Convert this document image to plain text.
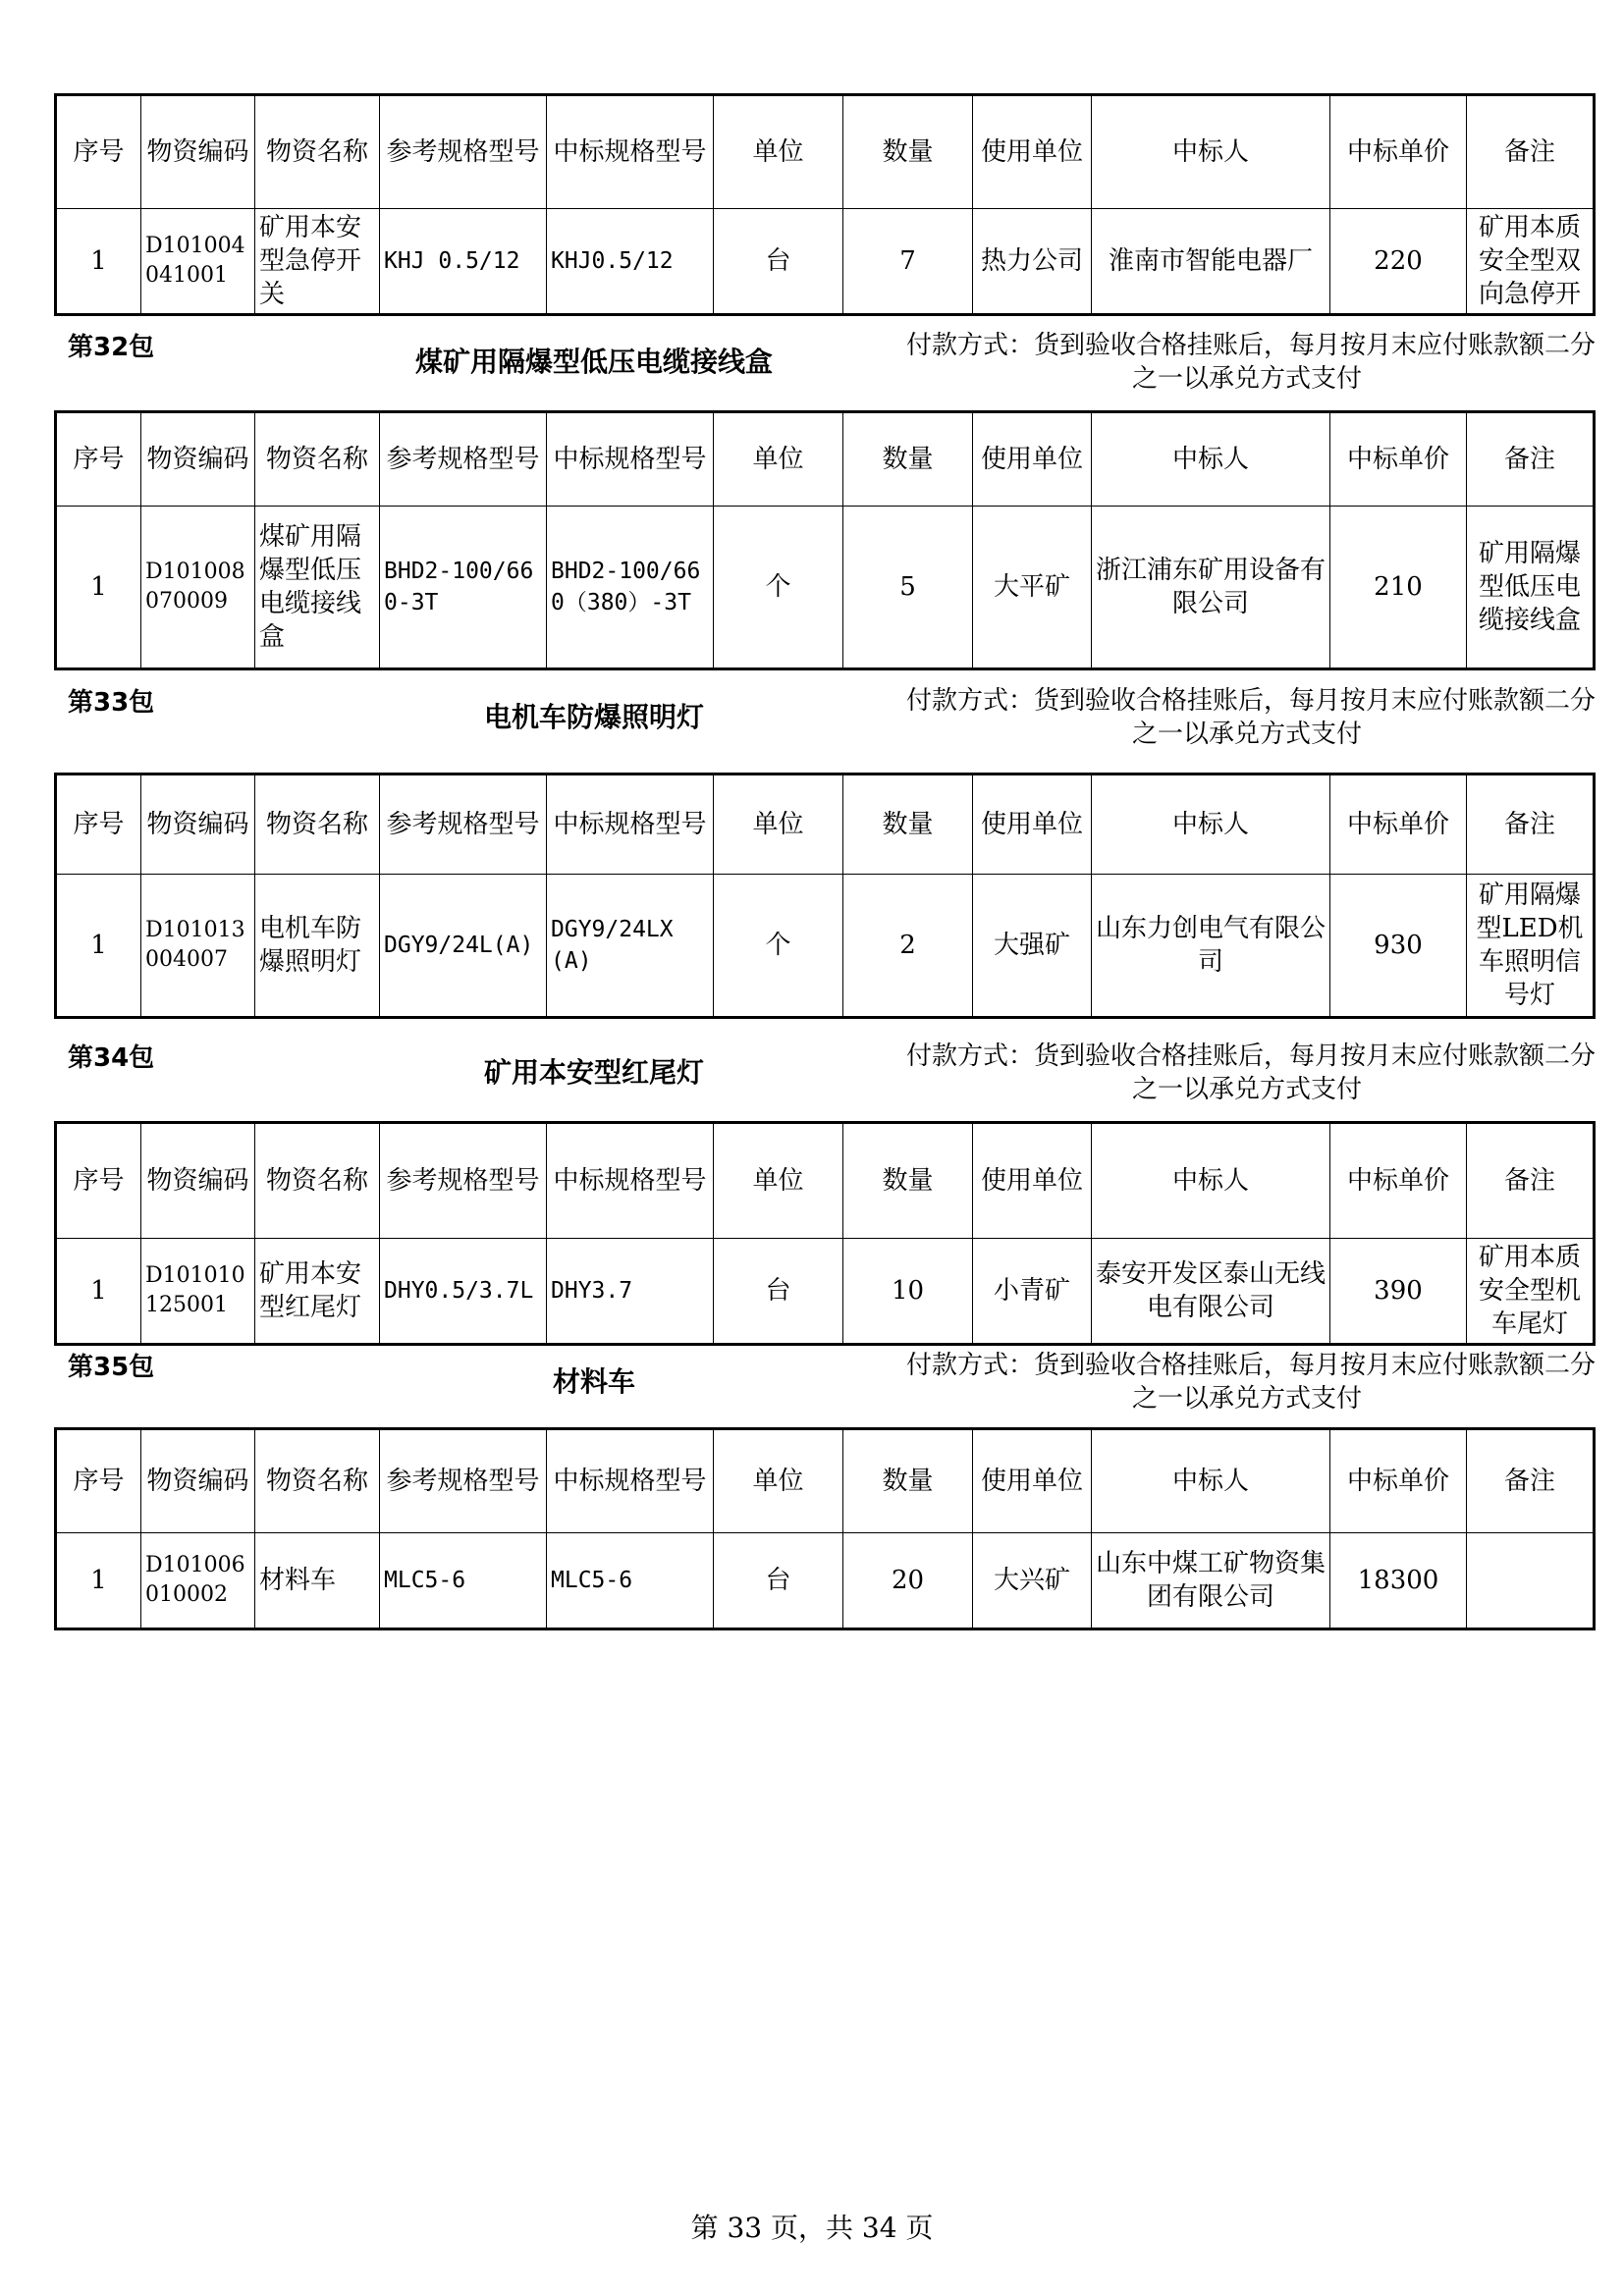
序号	物资编码	物资名称	参考规格型号	中标规格型号	单位	数量	使用单位	中标人	中标单价	备注
1	D101004041001	矿用本安型急停开关	KHJ 0.5/12	KHJ0.5/12	台	7	热力公司	淮南市智能电器厂	220	矿用本质安全型双向急停开
第32包	煤矿用隔爆型低压电缆接线盒	付款方式：货到验收合格挂账后，每月按月末应付账款额二分
之一以承兑方式支付
序号	物资编码	物资名称	参考规格型号	中标规格型号	单位	数量	使用单位	中标人	中标单价	备注
1	D101008070009	煤矿用隔爆型低压电缆接线盒	BHD2-100/660-3T	BHD2-100/660（380）-3T	个	5	大平矿	浙江浦东矿用设备有限公司	210	矿用隔爆型低压电缆接线盒
第33包	电机车防爆照明灯	付款方式：货到验收合格挂账后，每月按月末应付账款额二分
之一以承兑方式支付
序号	物资编码	物资名称	参考规格型号	中标规格型号	单位	数量	使用单位	中标人	中标单价	备注
1	D101013004007	电机车防爆照明灯	DGY9/24L(A)	DGY9/24LX(A)	个	2	大强矿	山东力创电气有限公司	930	矿用隔爆型LED机车照明信号灯
第34包	矿用本安型红尾灯	付款方式：货到验收合格挂账后，每月按月末应付账款额二分
之一以承兑方式支付
序号	物资编码	物资名称	参考规格型号	中标规格型号	单位	数量	使用单位	中标人	中标单价	备注
1	D101010125001	矿用本安型红尾灯	DHY0.5/3.7L	DHY3.7	台	10	小青矿	泰安开发区泰山无线电有限公司	390	矿用本质安全型机车尾灯
第35包	材料车	付款方式：货到验收合格挂账后，每月按月末应付账款额二分
之一以承兑方式支付
序号	物资编码	物资名称	参考规格型号	中标规格型号	单位	数量	使用单位	中标人	中标单价	备注
1	D101006010002	材料车	MLC5-6	MLC5-6	台	20	大兴矿	山东中煤工矿物资集团有限公司	18300	
第 33 页，共 34 页
